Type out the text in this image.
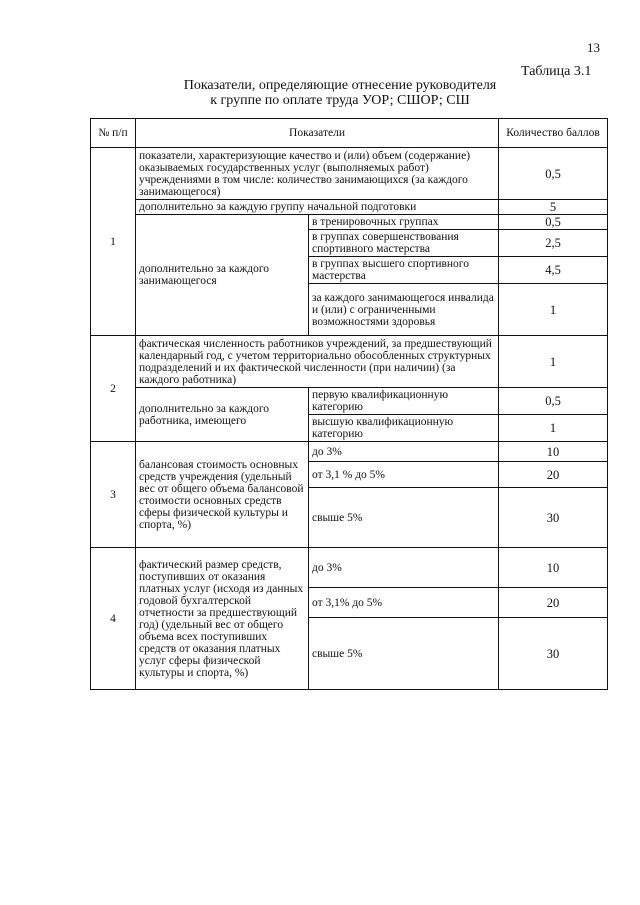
13
Таблица 3.1
Показатели, определяющие отнесение руководителя
к группе по оплате труда УОР; СШОР; СШ
№ п/п	Показатели		Количество баллов
1	показатели, характеризующие качество и (или) объем (содержание) оказываемых государственных услуг (выполняемых работ) учреждениями в том числе: количество занимающихся (за каждого занимающегося)		0,5
	дополнительно за каждую группу начальной подготовки		5
	дополнительно за каждого занимающегося	в тренировочных группах	0,5
		в группах совершенствования спортивного мастерства	2,5
		в группах высшего спортивного мастерства	4,5
		за каждого занимающегося инвалида и (или) с ограниченными возможностями здоровья	1

2	фактическая численность работников учреждений, за предшествующий календарный год, с учетом территориально обособленных структурных подразделений и их фактической численности (при наличии) (за каждого работника)		1
	дополнительно за каждого работника, имеющего	первую квалификационную категорию	0,5
		высшую квалификационную категорию	1
3	балансовая стоимость основных средств учреждения (удельный вес от общего объема балансовой стоимости основных средств сферы физической культуры и спорта, %)	до 3%	10
		от 3,1 % до 5%	20
		свыше 5%	30
4	фактический размер средств, поступивших от оказания платных услуг (исходя из данных годовой бухгалтерской отчетности за предшествующий год) (удельный вес от общего объема всех поступивших средств от оказания платных услуг сферы физической культуры и спорта, %)	до 3%	10
		от 3,1% до 5%	20
		свыше 5%	30
